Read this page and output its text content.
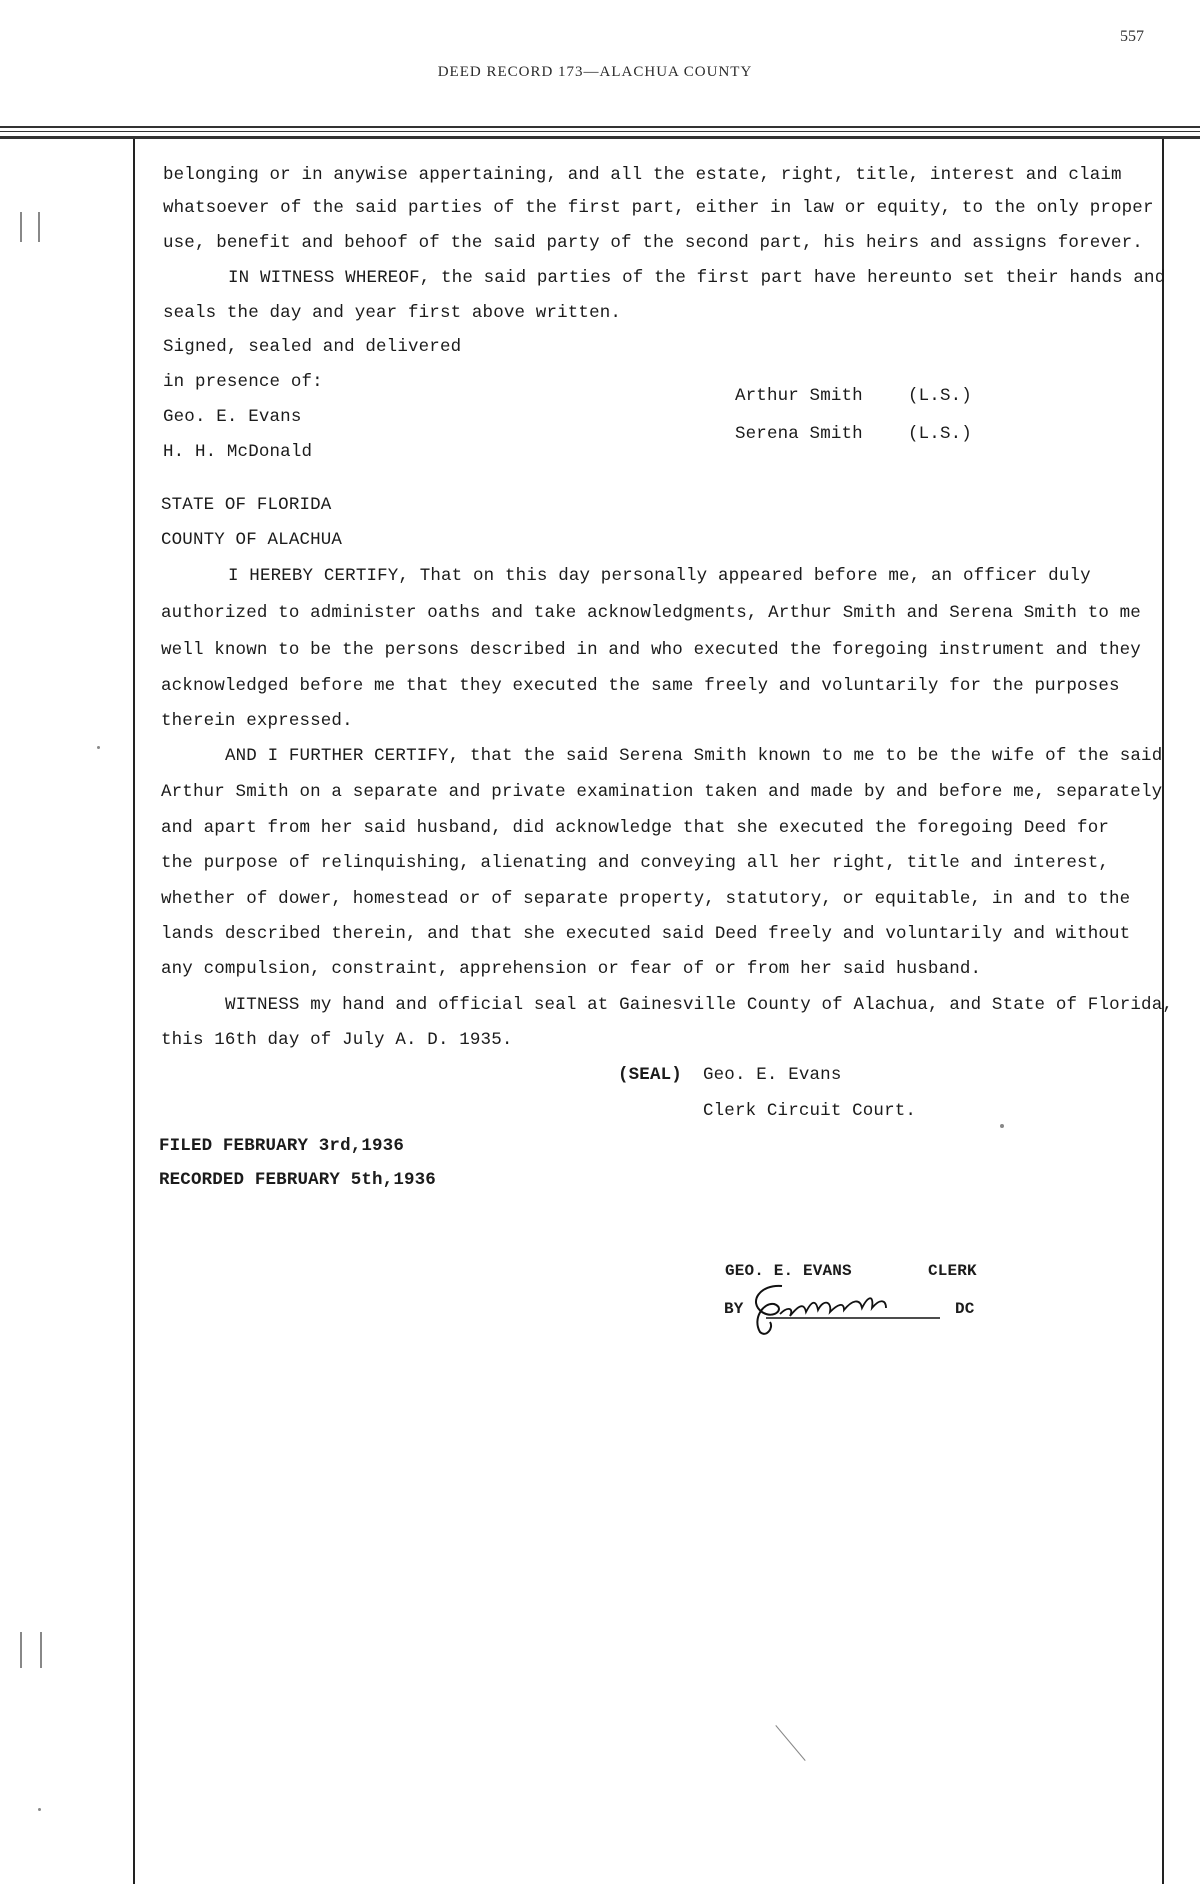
557
DEED RECORD 173—ALACHUA COUNTY
belonging or in anywise appertaining, and all the estate, right, title, interest and claim
whatsoever of the said parties of the first part, either in law or equity, to the only proper
use, benefit and behoof of the said party of the second part, his heirs and assigns forever.
IN WITNESS WHEREOF, the said parties of the first part have hereunto set their hands and
seals the day and year first above written.
Signed, sealed and delivered
in presence of:
Geo. E. Evans
H. H. McDonald
Arthur Smith	(L.S.)
Serena Smith	(L.S.)
STATE OF FLORIDA
COUNTY OF ALACHUA
I HEREBY CERTIFY, That on this day personally appeared before me, an officer duly
authorized to administer oaths and take acknowledgments, Arthur Smith and Serena Smith to me
well known to be the persons described in and who executed the foregoing instrument and they
acknowledged before me that they executed the same freely and voluntarily for the purposes
therein expressed.
AND I FURTHER CERTIFY, that the said Serena Smith known to me to be the wife of the said
Arthur Smith on a separate and private examination taken and made by and before me, separately
and apart from her said husband, did acknowledge that she executed the foregoing Deed for
the purpose of relinquishing, alienating and conveying all her right, title and interest,
whether of dower, homestead or of separate property, statutory, or equitable, in and to the
lands described therein, and that she executed said Deed freely and voluntarily and without
any compulsion, constraint, apprehension or fear of or from her said husband.
WITNESS my hand and official seal at Gainesville County of Alachua, and State of Florida,
this 16th day of July A. D. 1935.
(SEAL) Geo. E. Evans
Clerk Circuit Court.
FILED FEBRUARY 3rd,1936
RECORDED FEBRUARY 5th,1936
GEO. E. EVANS	CLERK
BY	DC
